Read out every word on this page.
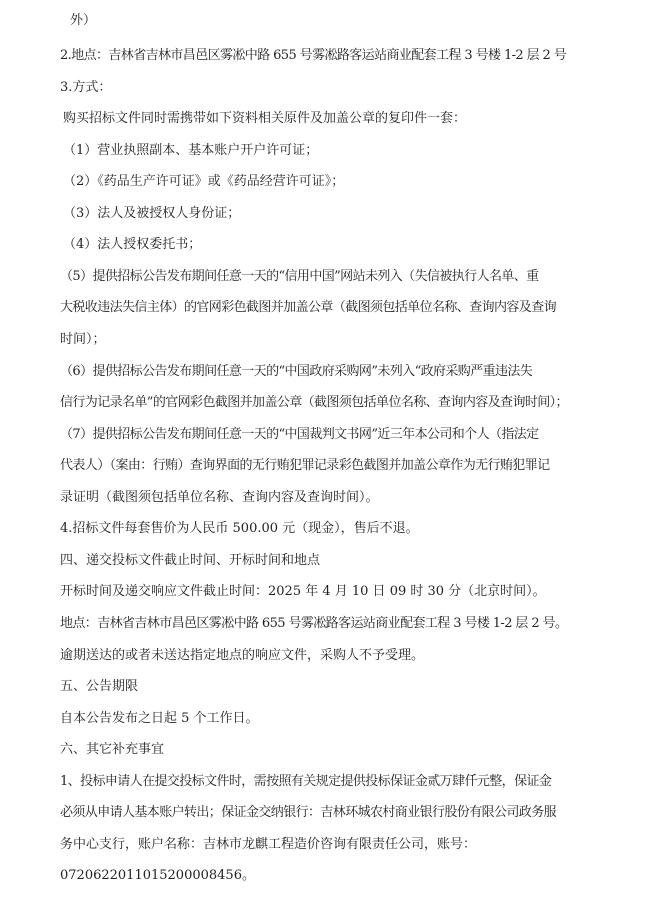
外）
2.地点：吉林省吉林市昌邑区雾凇中路 655 号雾凇路客运站商业配套工程 3 号楼 1-2 层 2 号
3.方式：
购买招标文件同时需携带如下资料相关原件及加盖公章的复印件一套：
（1）营业执照副本、基本账户开户许可证；
（2）《药品生产许可证》或《药品经营许可证》；
（3）法人及被授权人身份证；
（4）法人授权委托书；
（5）提供招标公告发布期间任意一天的“信用中国”网站未列入（失信被执行人名单、重
大税收违法失信主体）的官网彩色截图并加盖公章（截图须包括单位名称、查询内容及查询
时间）；
（6）提供招标公告发布期间任意一天的“中国政府采购网”未列入“政府采购严重违法失
信行为记录名单”的官网彩色截图并加盖公章（截图须包括单位名称、查询内容及查询时间）；
（7）提供招标公告发布期间任意一天的“中国裁判文书网”近三年本公司和个人（指法定
代表人）（案由：行贿）查询界面的无行贿犯罪记录彩色截图并加盖公章作为无行贿犯罪记
录证明（截图须包括单位名称、查询内容及查询时间）。
4.招标文件每套售价为人民币 500.00 元（现金），售后不退。
四、递交投标文件截止时间、开标时间和地点
开标时间及递交响应文件截止时间：2025 年 4 月 10 日 09 时 30 分（北京时间）。
地点：吉林省吉林市昌邑区雾凇中路 655 号雾凇路客运站商业配套工程 3 号楼 1-2 层 2 号。
逾期送达的或者未送达指定地点的响应文件，采购人不予受理。
五、公告期限
自本公告发布之日起 5 个工作日。
六、其它补充事宜
1、投标申请人在提交投标文件时，需按照有关规定提供投标保证金贰万肆仟元整，保证金
必须从申请人基本账户转出；保证金交纳银行：吉林环城农村商业银行股份有限公司政务服
务中心支行，账户名称：吉林市龙麒工程造价咨询有限责任公司，账号：
0720622011015200008456。
